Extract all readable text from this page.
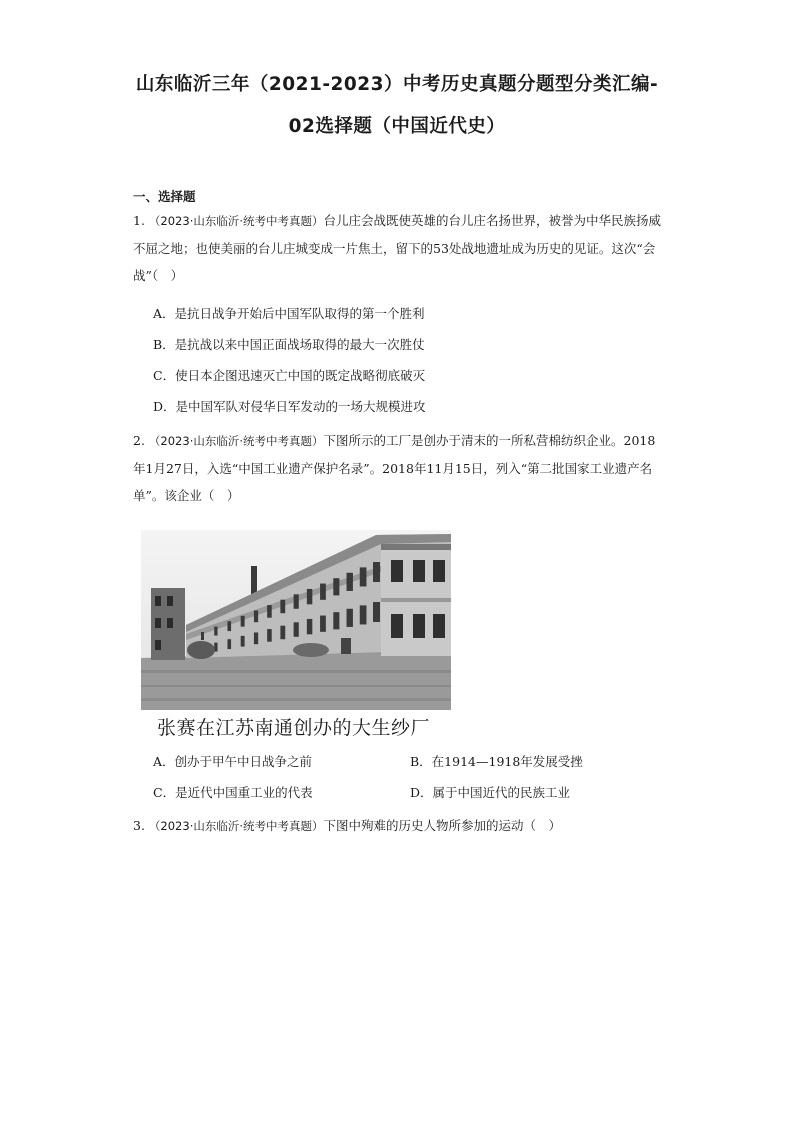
山东临沂三年（2021-2023）中考历史真题分题型分类汇编-
02选择题（中国近代史）
一、选择题
1. （2023·山东临沂·统考中考真题）台儿庄会战既使英雄的台儿庄名扬世界，被誉为中华民族扬威不屈之地；也使美丽的台儿庄城变成一片焦土，留下的53处战地遗址成为历史的见证。这次“会战”（　）
A．是抗日战争开始后中国军队取得的第一个胜利
B．是抗战以来中国正面战场取得的最大一次胜仗
C．使日本企图迅速灭亡中国的既定战略彻底破灭
D．是中国军队对侵华日军发动的一场大规模进攻
2. （2023·山东临沂·统考中考真题）下图所示的工厂是创办于清末的一所私营棉纺织企业。2018年1月27日，入选“中国工业遗产保护名录”。2018年11月15日，列入“第二批国家工业遗产名单”。该企业（　）
张赛在江苏南通创办的大生纱厂
A．创办于甲午中日战争之前	B．在1914—1918年发展受挫
C．是近代中国重工业的代表	D．属于中国近代的民族工业
3. （2023·山东临沂·统考中考真题）下图中殉难的历史人物所参加的运动（　）
